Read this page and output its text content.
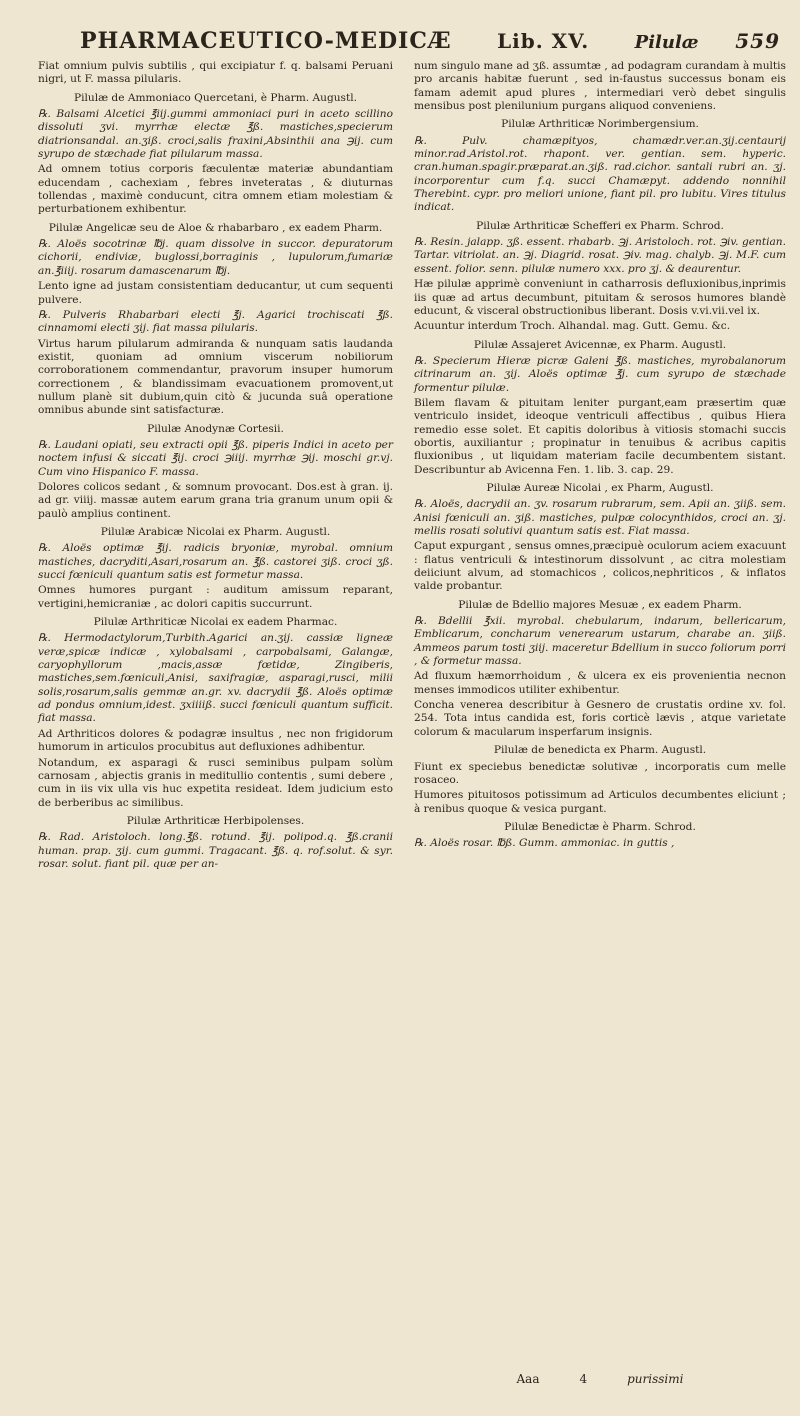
PHARMACEUTICO-MEDICÆ Lib. XV.	Pilulæ 559
Fiat omnium pulvis subtilis , qui excipiatur f. q. balsami Peruani nigri, ut F. massa pilularis.
Pilulæ de Ammoniaco Quercetani, è Pharm. Augustl.
℞. Balsami Alcetici ℥iij.gummi ammoniaci puri in aceto scillino dissoluti ʒvi. myrrhæ electæ ℥ß. mastiches,specierum diatrionsandal. an.ʒiß. croci,salis fraxini,Absinthii ana ℈ij. cum syrupo de stæchade fiat pilularum massa.
Ad omnem totius corporis fæculentæ materiæ abundantiam educendam , cachexiam , febres inveteratas , & diuturnas tollendas , maximè conducunt, citra omnem etiam molestiam & perturbationem exhibentur.
Pilulæ Angelicæ seu de Aloe & rhabarbaro , ex eadem Pharm.
℞. Aloës socotrinæ ℔j. quam dissolve in succor. depuratorum cichorii, endiviæ, buglossi,borraginis , lupulorum,fumariæ an.℥iiij. rosarum damascenarum ℔j.
Lento igne ad justam consistentiam deducantur, ut cum sequenti pulvere.
℞. Pulveris Rhabarbari electi ℥j. Agarici trochiscati ℥ß. cinnamomi electi ʒij. fiat massa pilularis.
Virtus harum pilularum admiranda & nunquam satis laudanda existit, quoniam ad omnium viscerum nobiliorum corroborationem commendantur, pravorum insuper humorum correctionem , & blandissimam evacuationem promovent,ut nullum planè sit dubium,quin citò & jucunda suâ operatione omnibus abunde sint satisfacturæ.
Pilulæ Anodynæ Cortesii.
℞. Laudani opiati, seu extracti opii ℥ß. piperis Indici in aceto per noctem infusi & siccati ℥ij. croci ℈iiij. myrrhæ ℈ij. moschi gr.vj. Cum vino Hispanico F. massa.
Dolores colicos sedant , & somnum provocant. Dos.est à gran. ij. ad gr. viiij. massæ autem earum grana tria granum unum opii & paulò amplius continent.
Pilulæ Arabicæ Nicolai ex Pharm. Augustl.
℞. Aloës optimæ ℥ij. radicis bryoniæ, myrobal. omnium mastiches, dacryditi,Asari,rosarum an. ℥ß. castorei ʒiß. croci ʒß. succi fœniculi quantum satis est formetur massa.
Omnes humores purgant : auditum amissum reparant, vertigini,hemicraniæ , ac dolori capitis succurrunt.
Pilulæ Arthriticæ Nicolai ex eadem Pharmac.
℞. Hermodactylorum,Turbith.Agarici an.ʒij. cassiæ ligneæ veræ,spicæ indicæ , xylobalsami , carpobalsami, Galangæ, caryophyllorum ,macis,assæ fœtidæ, Zingiberis, mastiches,sem.fœniculi,Anisi, saxifragiæ, asparagi,rusci, milii solis,rosarum,salis gemmæ an.gr. xv. dacrydii ℥ß. Aloës optimæ ad pondus omnium,idest. ʒxiiiiß. succi fœniculi quantum sufficit. fiat massa.
Ad Arthriticos dolores & podagræ insultus , nec non frigidorum humorum in articulos procubitus aut defluxiones adhibentur.
Notandum, ex asparagi & rusci seminibus pulpam solùm carnosam , abjectis granis in meditullio contentis , sumi debere , cum in iis vix ulla vis huc expetita resideat. Idem judicium esto de berberibus ac similibus.
Pilulæ Arthriticæ Herbipolenses.
℞. Rad. Aristoloch. long.℥ß. rotund. ℥ij. polipod.q. ℥ß.cranii human. prap. ʒij. cum gummi. Tragacant. ℥ß. q. rof.solut. & syr. rosar. solut. fiant pil. quæ per an-
num singulo mane ad ʒß. assumtæ , ad podagram curandam à multis pro arcanis habitæ fuerunt , sed in-faustus successus bonam eis famam ademit apud plures , intermediari verò debet singulis mensibus post plenilunium purgans aliquod conveniens.
Pilulæ Arthriticæ Norimbergensium.
℞. Pulv. chamæpityos, chamædr.ver.an.ʒij.centaurij minor.rad.Aristol.rot. rhapont. ver. gentian. sem. hyperic. cran.human.spagir.præparat.an.ʒiß. rad.cichor. santali rubri an. ʒj. incorporentur cum f.q. succi Chamæpyt. addendo nonnihil Therebint. cypr. pro meliori unione, fiant pil. pro lubitu. Vires titulus indicat.
Pilulæ Arthriticæ Schefferi ex Pharm. Schrod.
℞. Resin. jalapp. ʒß. essent. rhabarb. ℈j. Aristoloch. rot. ℈iv. gentian. Tartar. vitriolat. an. ℈j. Diagrid. rosat. ℈iv. mag. chalyb. ℈j. M.F. cum essent. folior. senn. pilulæ numero xxx. pro ʒj. & deaurentur.
Hæ pilulæ apprimè conveniunt in catharrosis defluxionibus,inprimis iis quæ ad artus decumbunt, pituitam & serosos humores blandè educunt, & visceral obstructionibus liberant. Dosis v.vi.vii.vel ix.
Acuuntur interdum Troch. Alhandal. mag. Gutt. Gemu. &c.
Pilulæ Assajeret Avicennæ, ex Pharm. Augustl.
℞. Specierum Hieræ picræ Galeni ℥ß. mastiches, myrobalanorum citrinarum an. ʒij. Aloës optimæ ℥j. cum syrupo de stæchade formentur pilulæ.
Bilem flavam & pituitam leniter purgant,eam præsertim quæ ventriculo insidet, ideoque ventriculi affectibus , quibus Hiera remedio esse solet. Et capitis doloribus à vitiosis stomachi succis obortis, auxiliantur ; propinatur in tenuibus & acribus capitis fluxionibus , ut liquidam materiam facile decumbentem sistant. Describuntur ab Avicenna Fen. 1. lib. 3. cap. 29.
Pilulæ Aureæ Nicolai , ex Pharm, Augustl.
℞. Aloës, dacrydii an. ʒv. rosarum rubrarum, sem. Apii an. ʒiiß. sem. Anisi fœniculi an. ʒiß. mastiches, pulpæ colocynthidos, croci an. ʒj. mellis rosati solutivi quantum satis est. Fiat massa.
Caput expurgant , sensus omnes,præcipuè oculorum aciem exacuunt : flatus ventriculi & intestinorum dissolvunt , ac citra molestiam deiiciunt alvum, ad stomachicos , colicos,nephriticos , & inflatos valde probantur.
Pilulæ de Bdellio majores Mesuæ , ex eadem Pharm.
℞. Bdellii ℥xii. myrobal. chebularum, indarum, bellericarum, Emblicarum, concharum venerearum ustarum, charabe an. ʒiiß. Ammeos parum tosti ʒiij. maceretur Bdellium in succo foliorum porri , & formetur massa.
Ad fluxum hæmorrhoidum , & ulcera ex eis provenientia necnon menses immodicos utiliter exhibentur.
Concha venerea describitur à Gesnero de crustatis ordine xv. fol. 254. Tota intus candida est, foris corticè lævis , atque varietate colorum & macularum insperfarum insignis.
Pilulæ de benedicta ex Pharm. Augustl.
Fiunt ex speciebus benedictæ solutivæ , incorporatis cum melle rosaceo.
Humores pituitosos potissimum ad Articulos decumbentes eliciunt ; à renibus quoque & vesica purgant.
Pilulæ Benedictæ è Pharm. Schrod.
℞. Aloës rosar. ℔ß. Gumm. ammoniac. in guttis ,
Aaa	4	purissimi
